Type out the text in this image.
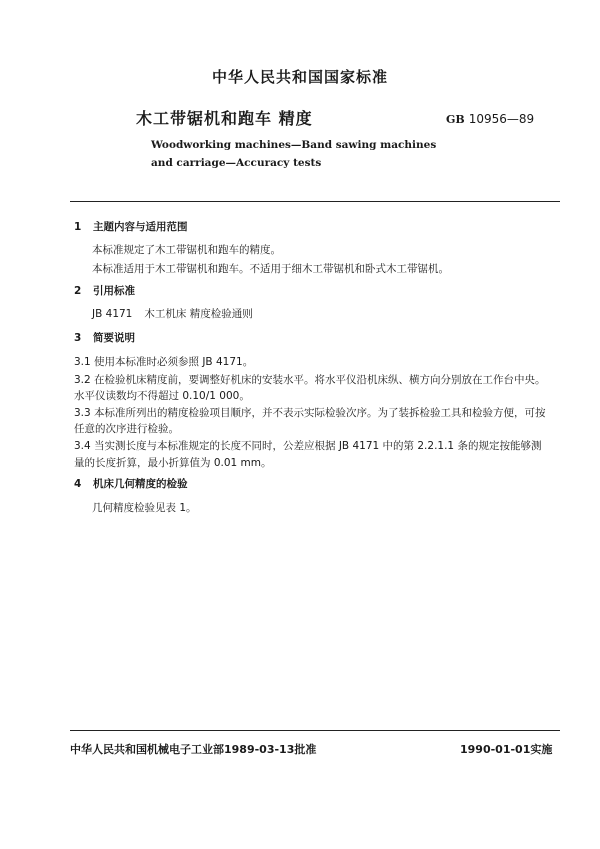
中华人民共和国国家标准
木工带锯机和跑车 精度	GB 10956—89
Woodworking machines—Band sawing machines
and carriage—Accuracy tests
1 主题内容与适用范围
本标准规定了木工带锯机和跑车的精度。
本标准适用于木工带锯机和跑车。不适用于细木工带锯机和卧式木工带锯机。
2 引用标准
JB 4171 木工机床 精度检验通则
3 简要说明
3.1 使用本标准时必须参照 JB 4171。
3.2 在检验机床精度前，要调整好机床的安装水平。将水平仪沿机床纵、横方向分别放在工作台中央。
水平仪读数均不得超过 0.10/1 000。
3.3 本标准所列出的精度检验项目顺序，并不表示实际检验次序。为了装拆检验工具和检验方便，可按
任意的次序进行检验。
3.4 当实测长度与本标准规定的长度不同时，公差应根据 JB 4171 中的第 2.2.1.1 条的规定按能够测
量的长度折算，最小折算值为 0.01 mm。
4 机床几何精度的检验
几何精度检验见表 1。
中华人民共和国机械电子工业部1989-03-13批准	1990-01-01实施
